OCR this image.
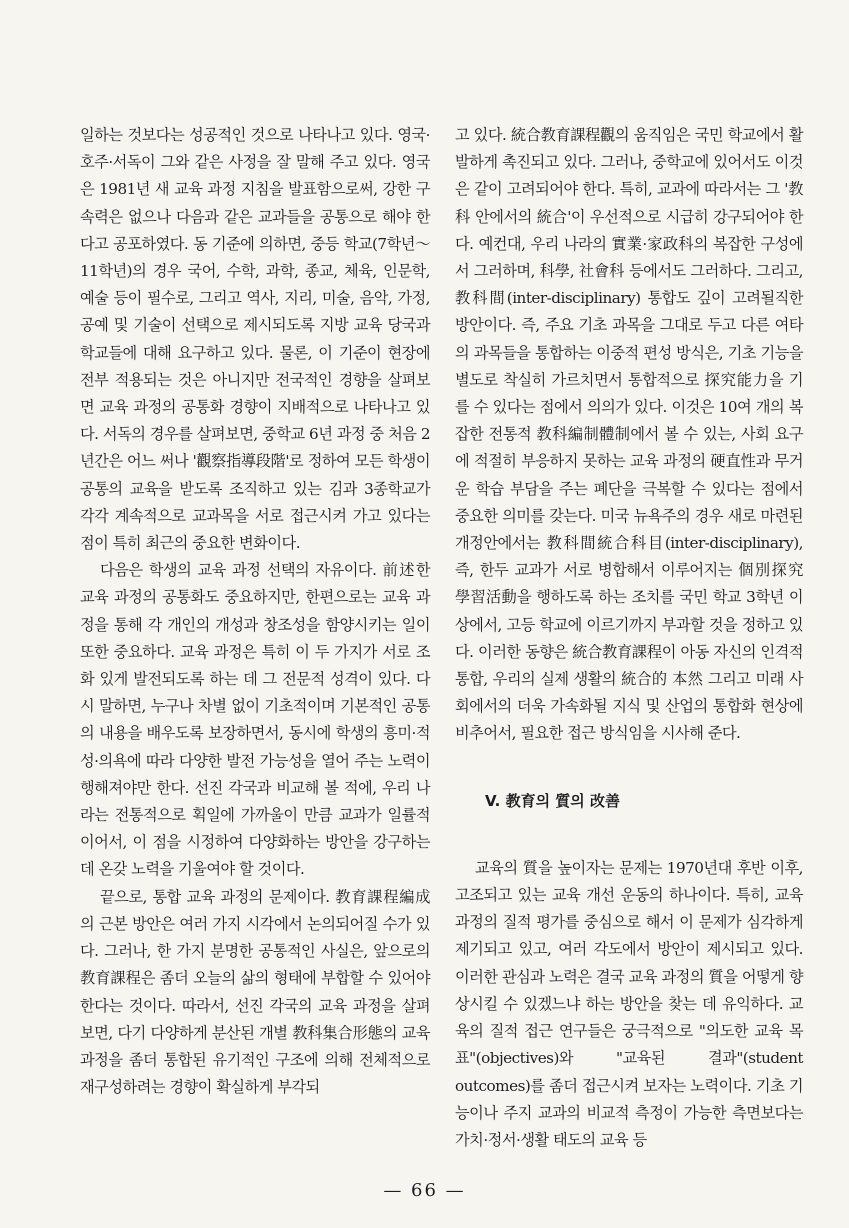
일하는 것보다는 성공적인 것으로 나타나고 있다. 영국·호주·서독이 그와 같은 사정을 잘 말해 주고 있다. 영국은 1981년 새 교육 과정 지침을 발표함으로써, 강한 구속력은 없으나 다음과 같은 교과들을 공통으로 해야 한다고 공포하였다. 동 기준에 의하면, 중등 학교(7학년～11학년)의 경우 국어, 수학, 과학, 종교, 체육, 인문학, 예술 등이 필수로, 그리고 역사, 지리, 미술, 음악, 가정, 공예 및 기술이 선택으로 제시되도록 지방 교육 당국과 학교들에 대해 요구하고 있다. 물론, 이 기준이 현장에 전부 적용되는 것은 아니지만 전국적인 경향을 살펴보면 교육 과정의 공통화 경향이 지배적으로 나타나고 있다. 서독의 경우를 살펴보면, 중학교 6년 과정 중 처음 2년간은 어느 써나 '觀察指導段階'로 정하여 모든 학생이 공통의 교육을 받도록 조직하고 있는 김과 3종학교가 각각 계속적으로 교과목을 서로 접근시켜 가고 있다는 점이 특히 최근의 중요한 변화이다.

다음은 학생의 교육 과정 선택의 자유이다. 前述한 교육 과정의 공통화도 중요하지만, 한편으로는 교육 과정을 통해 각 개인의 개성과 창조성을 함양시키는 일이 또한 중요하다. 교육 과정은 특히 이 두 가지가 서로 조화 있게 발전되도록 하는 데 그 전문적 성격이 있다. 다시 말하면, 누구나 차별 없이 기초적이며 기본적인 공통의 내용을 배우도록 보장하면서, 동시에 학생의 흥미·적성·의욕에 따라 다양한 발전 가능성을 열어 주는 노력이 행해져야만 한다. 선진 각국과 비교해 볼 적에, 우리 나라는 전통적으로 획일에 가까울이 만큼 교과가 일률적이어서, 이 점을 시정하여 다양화하는 방안을 강구하는데 온갖 노력을 기울여야 할 것이다.

끝으로, 통합 교육 과정의 문제이다. 教育課程編成의 근본 방안은 여러 가지 시각에서 논의되어질 수가 있다. 그러나, 한 가지 분명한 공통적인 사실은, 앞으로의 教育課程은 좀더 오늘의 삶의 형태에 부합할 수 있어야 한다는 것이다. 따라서, 선진 각국의 교육 과정을 살펴보면, 다기 다양하게 분산된 개별 教科集合形態의 교육 과정을 좀더 통합된 유기적인 구조에 의해 전체적으로 재구성하려는 경향이 확실하게 부각되

고 있다. 統合教育課程觀의 움직임은 국민 학교에서 활발하게 촉진되고 있다. 그러나, 중학교에 있어서도 이것은 같이 고려되어야 한다. 특히, 교과에 따라서는 그 '教科 안에서의 統合'이 우선적으로 시급히 강구되어야 한다. 예컨대, 우리 나라의 實業·家政科의 복잡한 구성에서 그러하며, 科學, 社會科 등에서도 그러하다. 그리고, 教科間(inter-disciplinary) 통합도 깊이 고려될직한 방안이다. 즉, 주요 기초 과목을 그대로 두고 다른 여타의 과목들을 통합하는 이중적 편성 방식은, 기초 기능을 별도로 착실히 가르치면서 통합적으로 探究能力을 기를 수 있다는 점에서 의의가 있다. 이것은 10여 개의 복잡한 전통적 教科編制體制에서 볼 수 있는, 사회 요구에 적절히 부응하지 못하는 교육 과정의 硬直性과 무거운 학습 부담을 주는 폐단을 극복할 수 있다는 점에서 중요한 의미를 갖는다. 미국 뉴욕주의 경우 새로 마련된 개정안에서는 教科間統合科目(inter-disciplinary), 즉, 한두 교과가 서로 병합해서 이루어지는 個別探究 學習活動을 행하도록 하는 조치를 국민 학교 3학년 이상에서, 고등 학교에 이르기까지 부과할 것을 정하고 있다. 이러한 동향은 統合教育課程이 아동 자신의 인격적 통합, 우리의 실제 생활의 統合的 本然 그리고 미래 사회에서의 더욱 가속화될 지식 및 산업의 통합화 현상에 비추어서, 필요한 접근 방식임을 시사해 준다.

V. 教育의 質의 改善

교육의 質을 높이자는 문제는 1970년대 후반 이후, 고조되고 있는 교육 개선 운동의 하나이다. 특히, 교육 과정의 질적 평가를 중심으로 해서 이 문제가 심각하게 제기되고 있고, 여러 각도에서 방안이 제시되고 있다. 이러한 관심과 노력은 결국 교육 과정의 質을 어떻게 향상시킬 수 있겠느냐 하는 방안을 찾는 데 유익하다. 교육의 질적 접근 연구들은 궁극적으로 "의도한 교육 목표"(objectives)와 "교육된 결과"(student outcomes)를 좀더 접근시켜 보자는 노력이다. 기초 기능이나 주지 교과의 비교적 측정이 가능한 측면보다는 가치·정서·생활 태도의 교육 등

— 66 —
